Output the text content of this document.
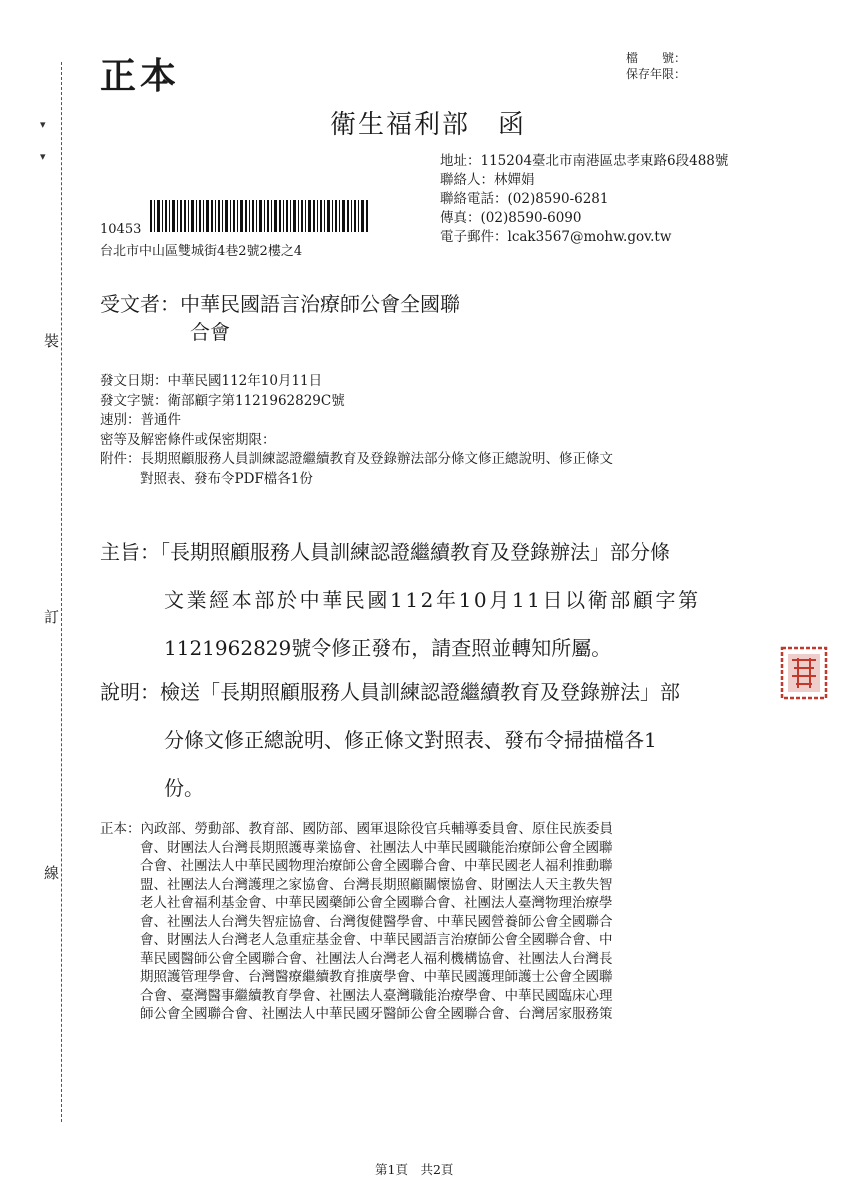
▾
▾
裝
訂
線
正本	檔　　號：
保存年限：
衛生福利部　函
地址：115204臺北市南港區忠孝東路6段488號
聯絡人：林嬋娟
聯絡電話：(02)8590-6281
傳真：(02)8590-6090
電子郵件：lcak3567@mohw.gov.tw
10453
台北市中山區雙城街4巷2號2樓之4
受文者：中華民國語言治療師公會全國聯
合會
發文日期：中華民國112年10月11日
發文字號：衛部顧字第1121962829C號
速別：普通件
密等及解密條件或保密期限：
附件：長期照顧服務人員訓練認證繼續教育及登錄辦法部分條文修正總說明、修正條文
對照表、發布令PDF檔各1份
主旨：「長期照顧服務人員訓練認證繼續教育及登錄辦法」部分條
文業經本部於中華民國112年10月11日以衛部顧字第
1121962829號令修正發布，請查照並轉知所屬。
說明：檢送「長期照顧服務人員訓練認證繼續教育及登錄辦法」部
分條文修正總說明、修正條文對照表、發布令掃描檔各1
份。
正本：內政部、勞動部、教育部、國防部、國軍退除役官兵輔導委員會、原住民族委員
會、財團法人台灣長期照護專業協會、社團法人中華民國職能治療師公會全國聯
合會、社團法人中華民國物理治療師公會全國聯合會、中華民國老人福利推動聯
盟、社團法人台灣護理之家協會、台灣長期照顧關懷協會、財團法人天主教失智
老人社會福利基金會、中華民國藥師公會全國聯合會、社團法人臺灣物理治療學
會、社團法人台灣失智症協會、台灣復健醫學會、中華民國營養師公會全國聯合
會、財團法人台灣老人急重症基金會、中華民國語言治療師公會全國聯合會、中
華民國醫師公會全國聯合會、社團法人台灣老人福利機構協會、社團法人台灣長
期照護管理學會、台灣醫療繼續教育推廣學會、中華民國護理師護士公會全國聯
合會、臺灣醫事繼續教育學會、社團法人臺灣職能治療學會、中華民國臨床心理
師公會全國聯合會、社團法人中華民國牙醫師公會全國聯合會、台灣居家服務策
第1頁　共2頁
